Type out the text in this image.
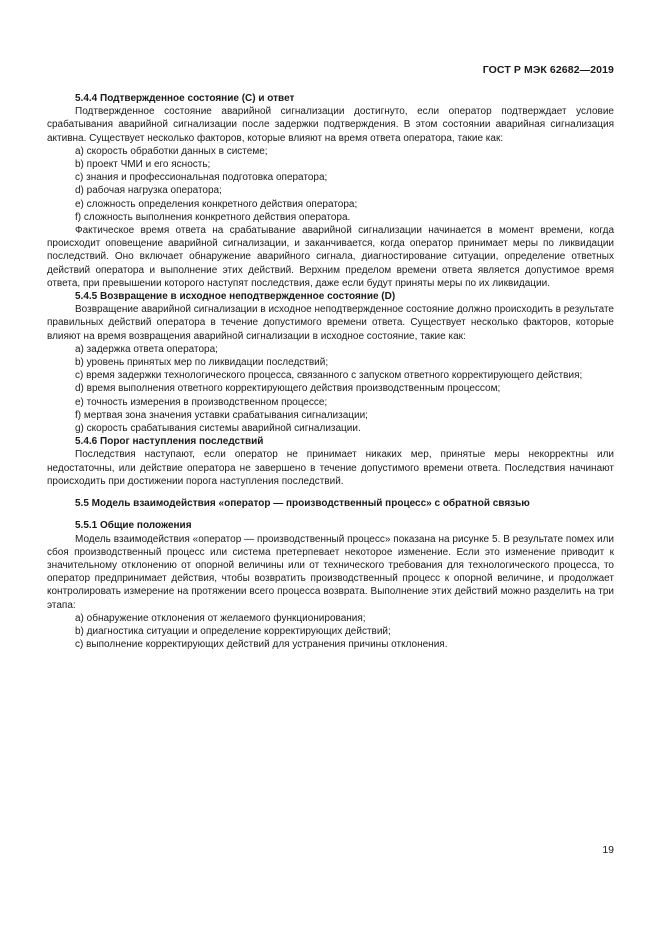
ГОСТ Р МЭК 62682—2019
5.4.4 Подтвержденное состояние (С) и ответ

Подтвержденное состояние аварийной сигнализации достигнуто, если оператор подтверждает условие срабатывания аварийной сигнализации после задержки подтверждения. В этом состоянии аварийная сигнализация активна. Существует несколько факторов, которые влияют на время ответа оператора, такие как:

a) скорость обработки данных в системе;

b) проект ЧМИ и его ясность;

c) знания и профессиональная подготовка оператора;

d) рабочая нагрузка оператора;

e) сложность определения конкретного действия оператора;

f) сложность выполнения конкретного действия оператора.

Фактическое время ответа на срабатывание аварийной сигнализации начинается в момент времени, когда происходит оповещение аварийной сигнализации, и заканчивается, когда оператор принимает меры по ликвидации последствий. Оно включает обнаружение аварийного сигнала, диагностирование ситуации, определение ответных действий оператора и выполнение этих действий. Верхним пределом времени ответа является допустимое время ответа, при превышении которого наступят последствия, даже если будут приняты меры по их ликвидации.

5.4.5 Возвращение в исходное неподтвержденное состояние (D)

Возвращение аварийной сигнализации в исходное неподтвержденное состояние должно происходить в результате правильных действий оператора в течение допустимого времени ответа. Существует несколько факторов, которые влияют на время возвращения аварийной сигнализации в исходное состояние, такие как:

a) задержка ответа оператора;

b) уровень принятых мер по ликвидации последствий;

c) время задержки технологического процесса, связанного с запуском ответного корректирующего действия;

d) время выполнения ответного корректирующего действия производственным процессом;

e) точность измерения в производственном процессе;

f) мертвая зона значения уставки срабатывания сигнализации;

g) скорость срабатывания системы аварийной сигнализации.

5.4.6 Порог наступления последствий

Последствия наступают, если оператор не принимает никаких мер, принятые меры некорректны или недостаточны, или действие оператора не завершено в течение допустимого времени ответа. Последствия начинают происходить при достижении порога наступления последствий.

5.5 Модель взаимодействия «оператор — производственный процесс» с обратной связью
5.5.1 Общие положения

Модель взаимодействия «оператор — производственный процесс» показана на рисунке 5. В результате помех или сбоя производственный процесс или система претерпевает некоторое изменение. Если это изменение приводит к значительному отклонению от опорной величины или от технического требования для технологического процесса, то оператор предпринимает действия, чтобы возвратить производственный процесс к опорной величине, и продолжает контролировать измерение на протяжении всего процесса возврата. Выполнение этих действий можно разделить на три этапа:

a) обнаружение отклонения от желаемого функционирования;

b) диагностика ситуации и определение корректирующих действий;

c) выполнение корректирующих действий для устранения причины отклонения.

19
